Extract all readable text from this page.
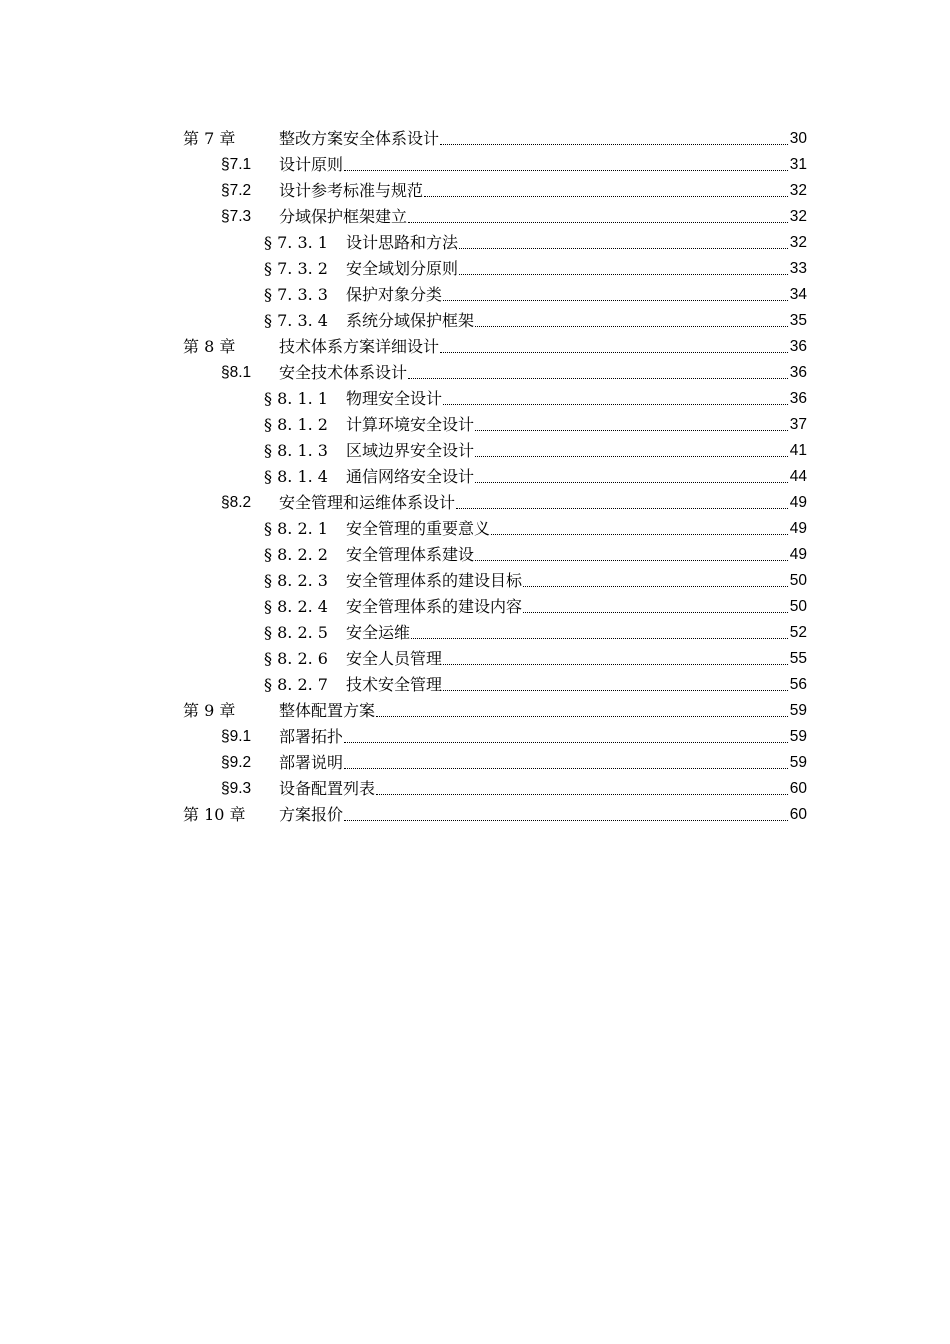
第 7 章	整改方案安全体系设计	30
§7.1 设计原则	31
§7.2 设计参考标准与规范	32
§7.3 分域保护框架建立	32
§ 7. 3. 1 设计思路和方法	32
§ 7. 3. 2 安全域划分原则	33
§ 7. 3. 3 保护对象分类	34
§ 7. 3. 4 系统分域保护框架	35
第 8 章	技术体系方案详细设计	36
§8.1 安全技术体系设计	36
§ 8. 1. 1 物理安全设计	36
§ 8. 1. 2 计算环境安全设计	37
§ 8. 1. 3 区域边界安全设计	41
§ 8. 1. 4 通信网络安全设计	44
§8.2 安全管理和运维体系设计	49
§ 8. 2. 1 安全管理的重要意义	49
§ 8. 2. 2 安全管理体系建设	49
§ 8. 2. 3 安全管理体系的建设目标	50
§ 8. 2. 4 安全管理体系的建设内容	50
§ 8. 2. 5 安全运维	52
§ 8. 2. 6 安全人员管理	55
§ 8. 2. 7 技术安全管理	56
第 9 章	整体配置方案	59
§9.1 部署拓扑	59
§9.2 部署说明	59
§9.3 设备配置列表	60
第 10 章 方案报价	60
